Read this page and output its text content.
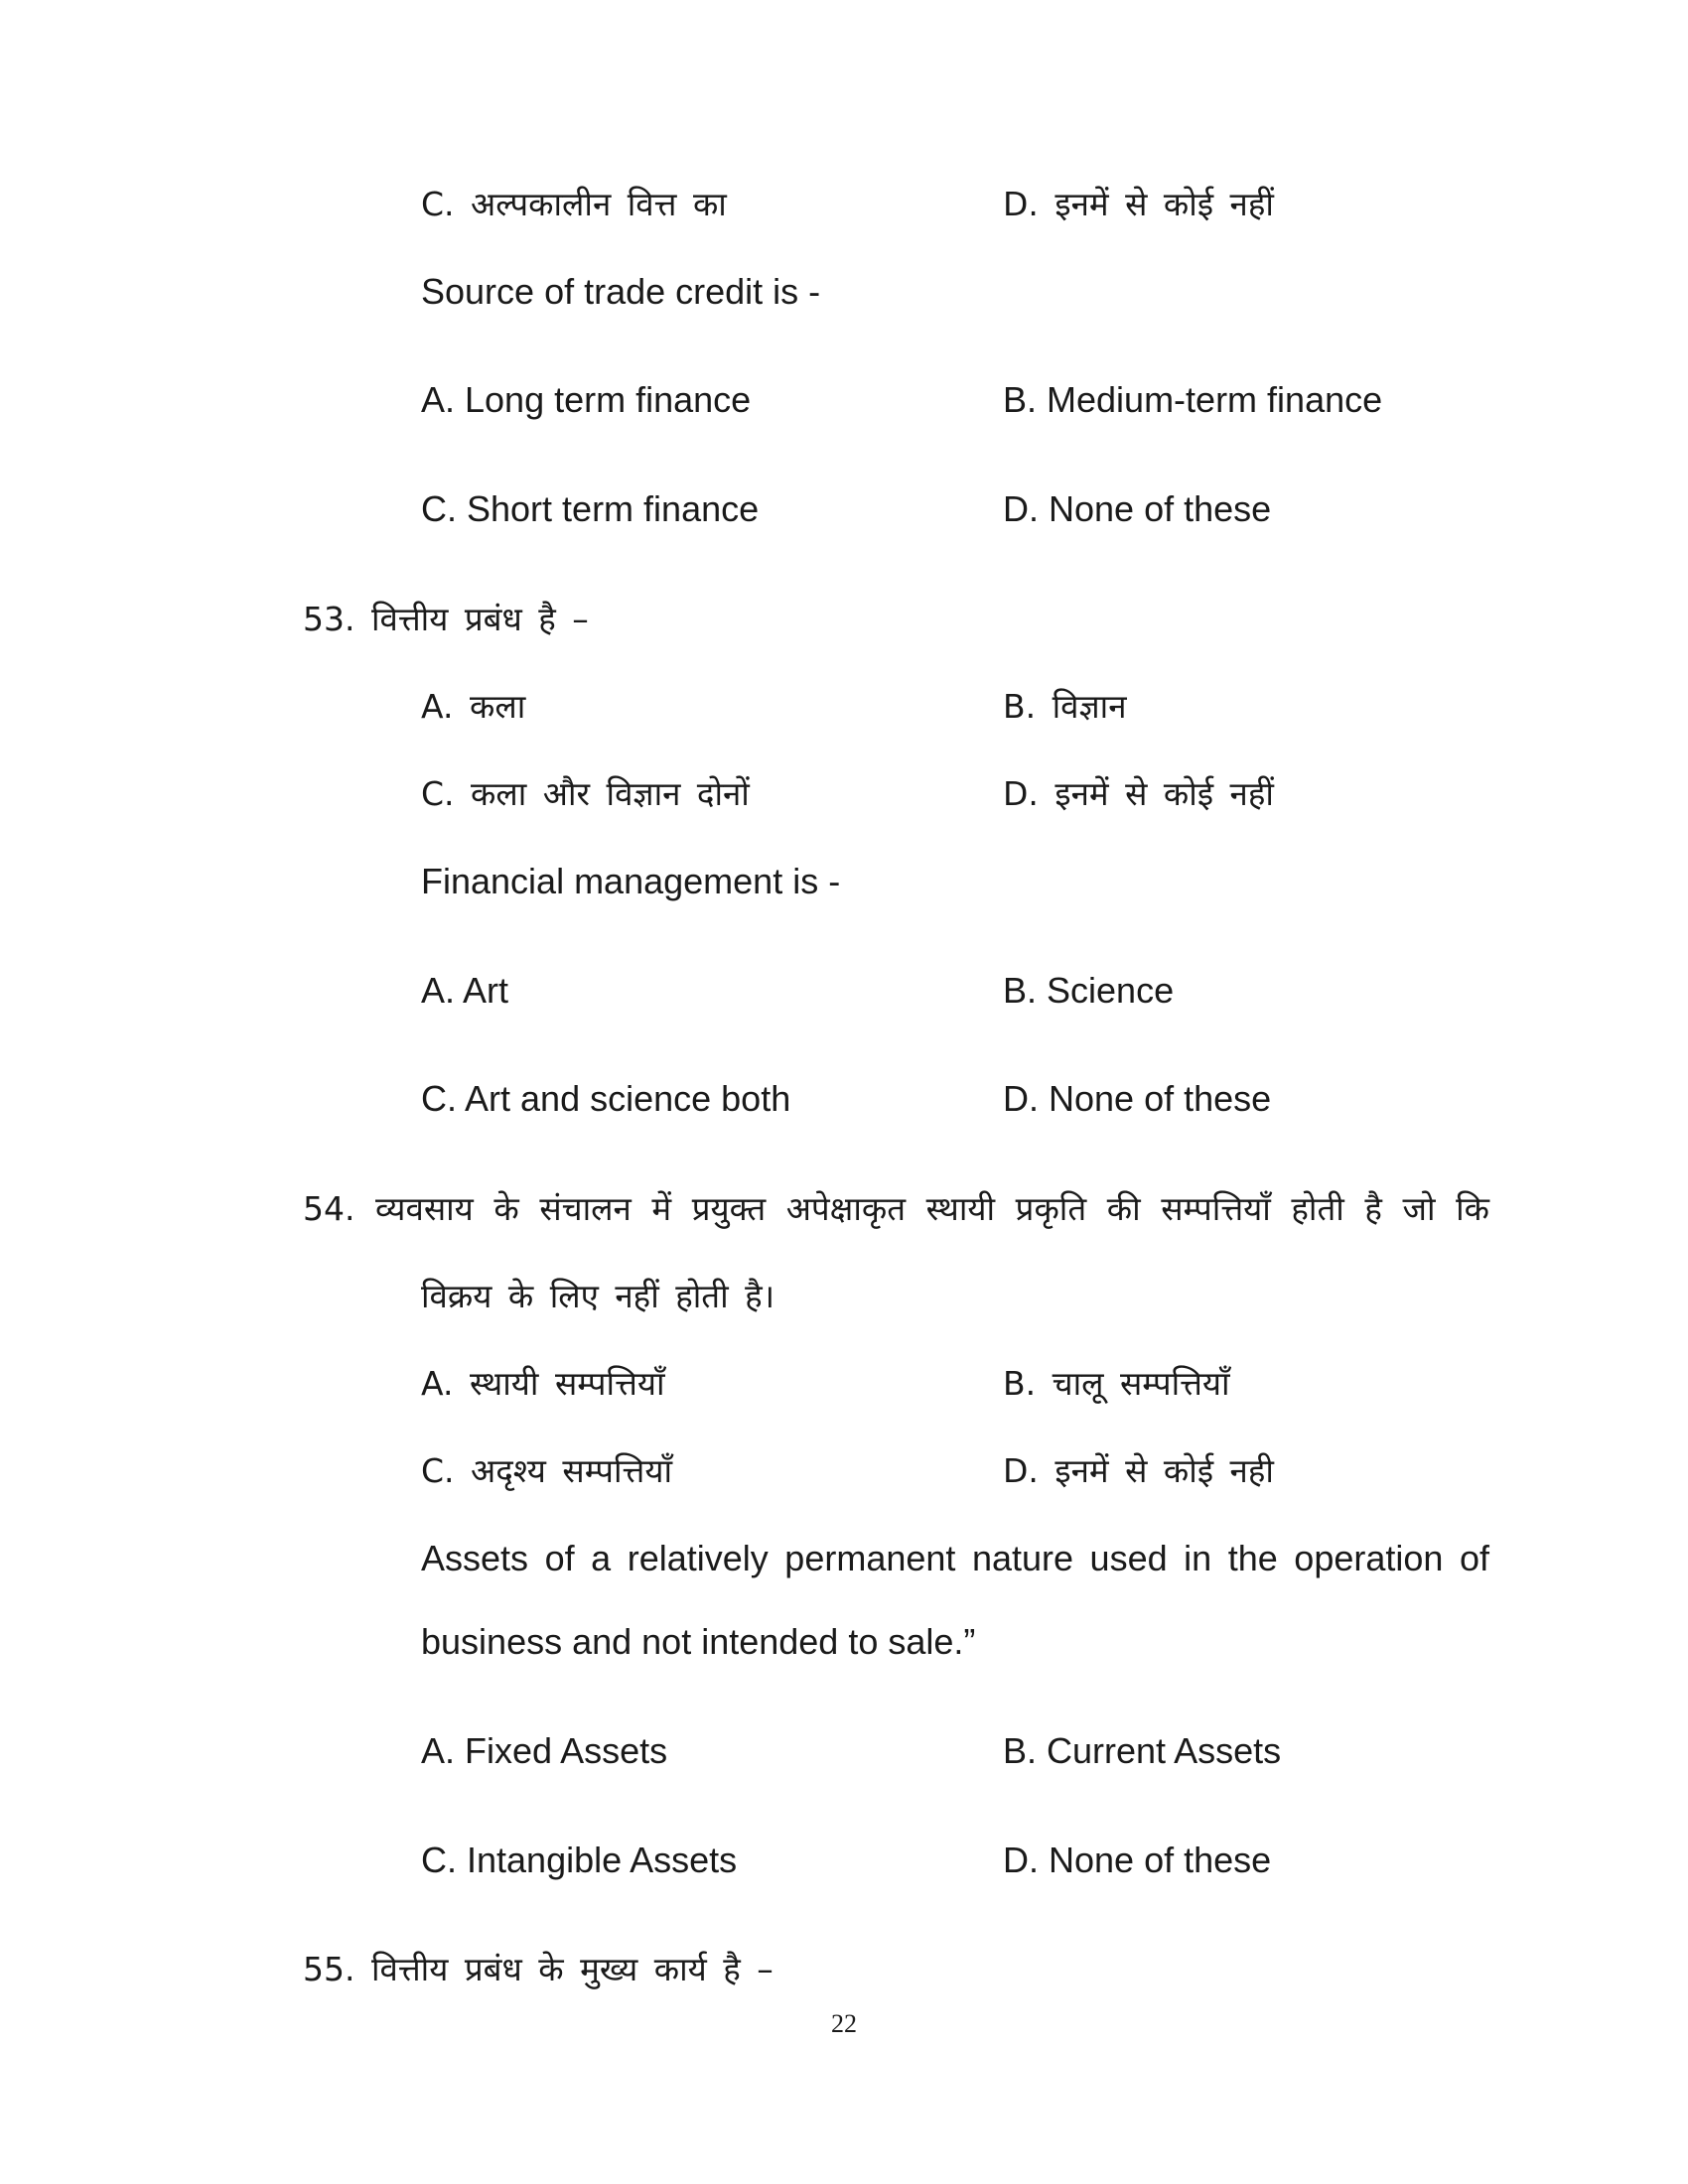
C. अल्पकालीन वित्त का	D. इनमें से कोई नहीं
Source of trade credit is -
A. Long term finance	B. Medium-term finance
C. Short term finance	D. None of these
53. वित्तीय प्रबंध है –
A. कला	B. विज्ञान
C. कला और विज्ञान दोनों	D. इनमें से कोई नहीं
Financial management is -
A. Art	B. Science
C. Art and science both	D. None of these
54. व्यवसाय के संचालन में प्रयुक्त अपेक्षाकृत स्थायी प्रकृति की सम्पत्तियाँ होती है जो कि
विक्रय के लिए नहीं होती है।
A. स्थायी सम्पत्तियाँ	B. चालू सम्पत्तियाँ
C. अदृश्य सम्पत्तियाँ	D. इनमें से कोई नही
Assets of a relatively permanent nature used in the operation of
business and not intended to sale.”
A. Fixed Assets	B. Current Assets
C. Intangible Assets	D. None of these
55. वित्तीय प्रबंध के मुख्य कार्य है –
22
